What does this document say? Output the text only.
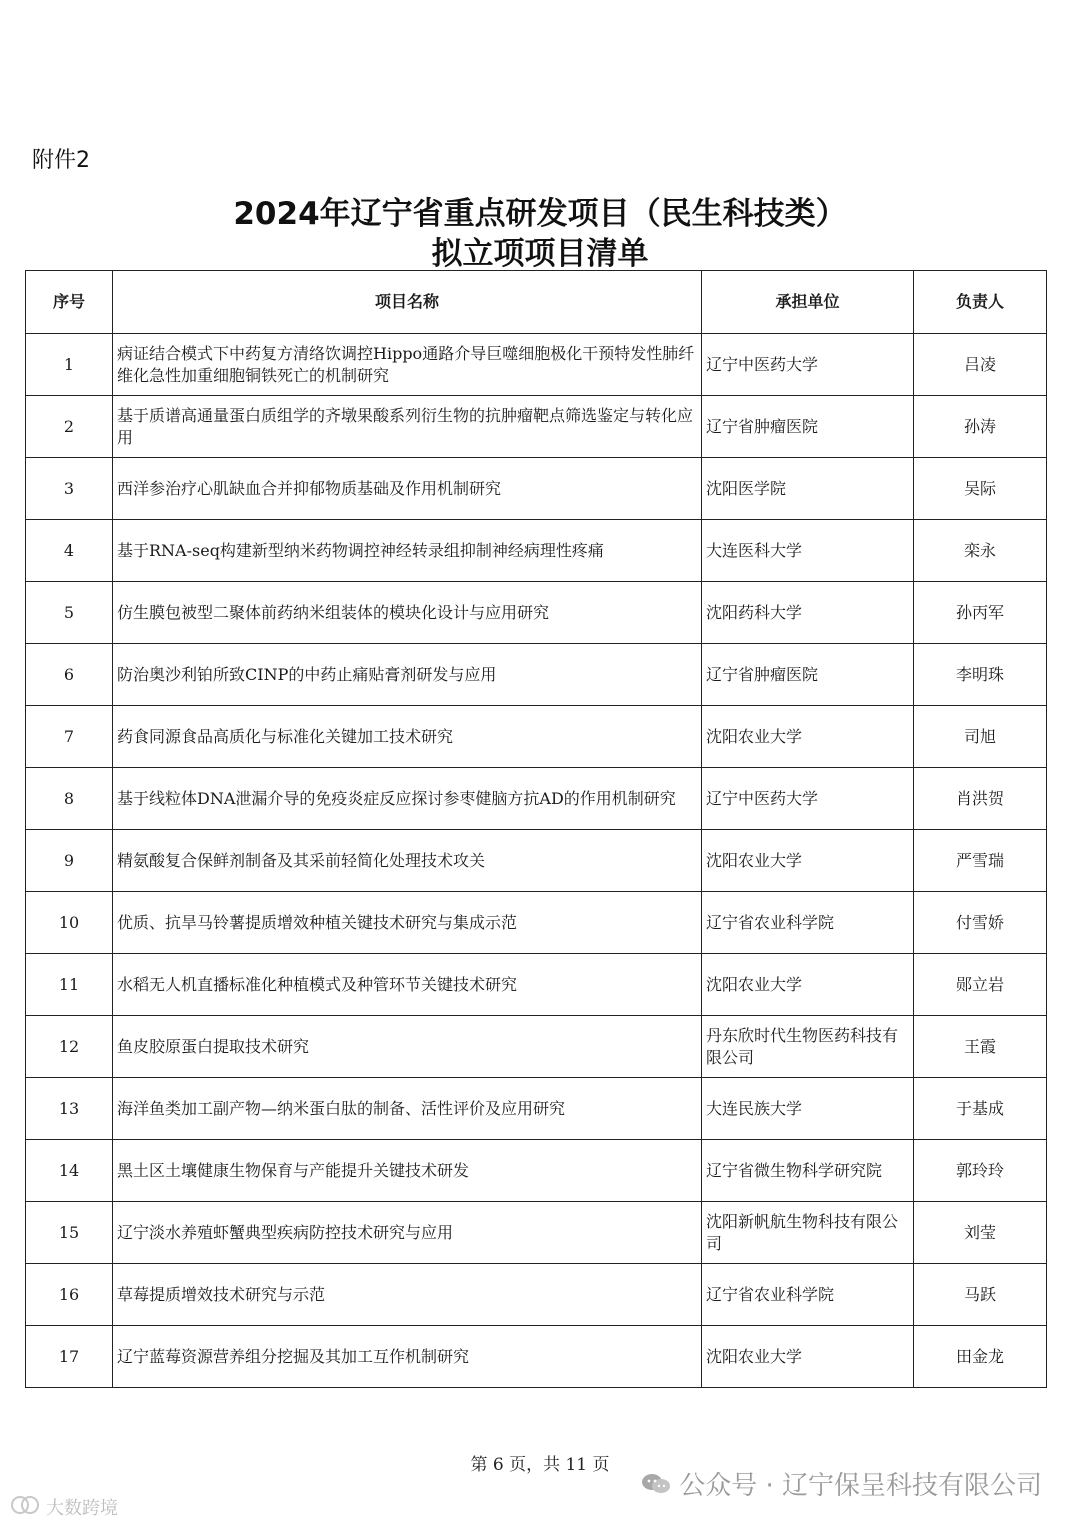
附件2
2024年辽宁省重点研发项目（民生科技类）
拟立项项目清单
序号	项目名称	承担单位	负责人
1	病证结合模式下中药复方清络饮调控Hippo通路介导巨噬细胞极化干预特发性肺纤维化急性加重细胞铜铁死亡的机制研究	辽宁中医药大学	吕凌
2	基于质谱高通量蛋白质组学的齐墩果酸系列衍生物的抗肿瘤靶点筛选鉴定与转化应用	辽宁省肿瘤医院	孙涛
3	西洋参治疗心肌缺血合并抑郁物质基础及作用机制研究	沈阳医学院	吴际
4	基于RNA-seq构建新型纳米药物调控神经转录组抑制神经病理性疼痛	大连医科大学	栾永
5	仿生膜包被型二聚体前药纳米组装体的模块化设计与应用研究	沈阳药科大学	孙丙军
6	防治奥沙利铂所致CINP的中药止痛贴膏剂研发与应用	辽宁省肿瘤医院	李明珠
7	药食同源食品高质化与标准化关键加工技术研究	沈阳农业大学	司旭
8	基于线粒体DNA泄漏介导的免疫炎症反应探讨参枣健脑方抗AD的作用机制研究	辽宁中医药大学	肖洪贺
9	精氨酸复合保鲜剂制备及其采前轻简化处理技术攻关	沈阳农业大学	严雪瑞
10	优质、抗旱马铃薯提质增效种植关键技术研究与集成示范	辽宁省农业科学院	付雪娇
11	水稻无人机直播标准化种植模式及种管环节关键技术研究	沈阳农业大学	郧立岩
12	鱼皮胶原蛋白提取技术研究	丹东欣时代生物医药科技有限公司	王霞
13	海洋鱼类加工副产物—纳米蛋白肽的制备、活性评价及应用研究	大连民族大学	于基成
14	黑土区土壤健康生物保育与产能提升关键技术研发	辽宁省微生物科学研究院	郭玲玲
15	辽宁淡水养殖虾蟹典型疾病防控技术研究与应用	沈阳新帆航生物科技有限公司	刘莹
16	草莓提质增效技术研究与示范	辽宁省农业科学院	马跃
17	辽宁蓝莓资源营养组分挖掘及其加工互作机制研究	沈阳农业大学	田金龙
第 6 页，共 11 页
公众号 · 辽宁保呈科技有限公司
大数跨境
